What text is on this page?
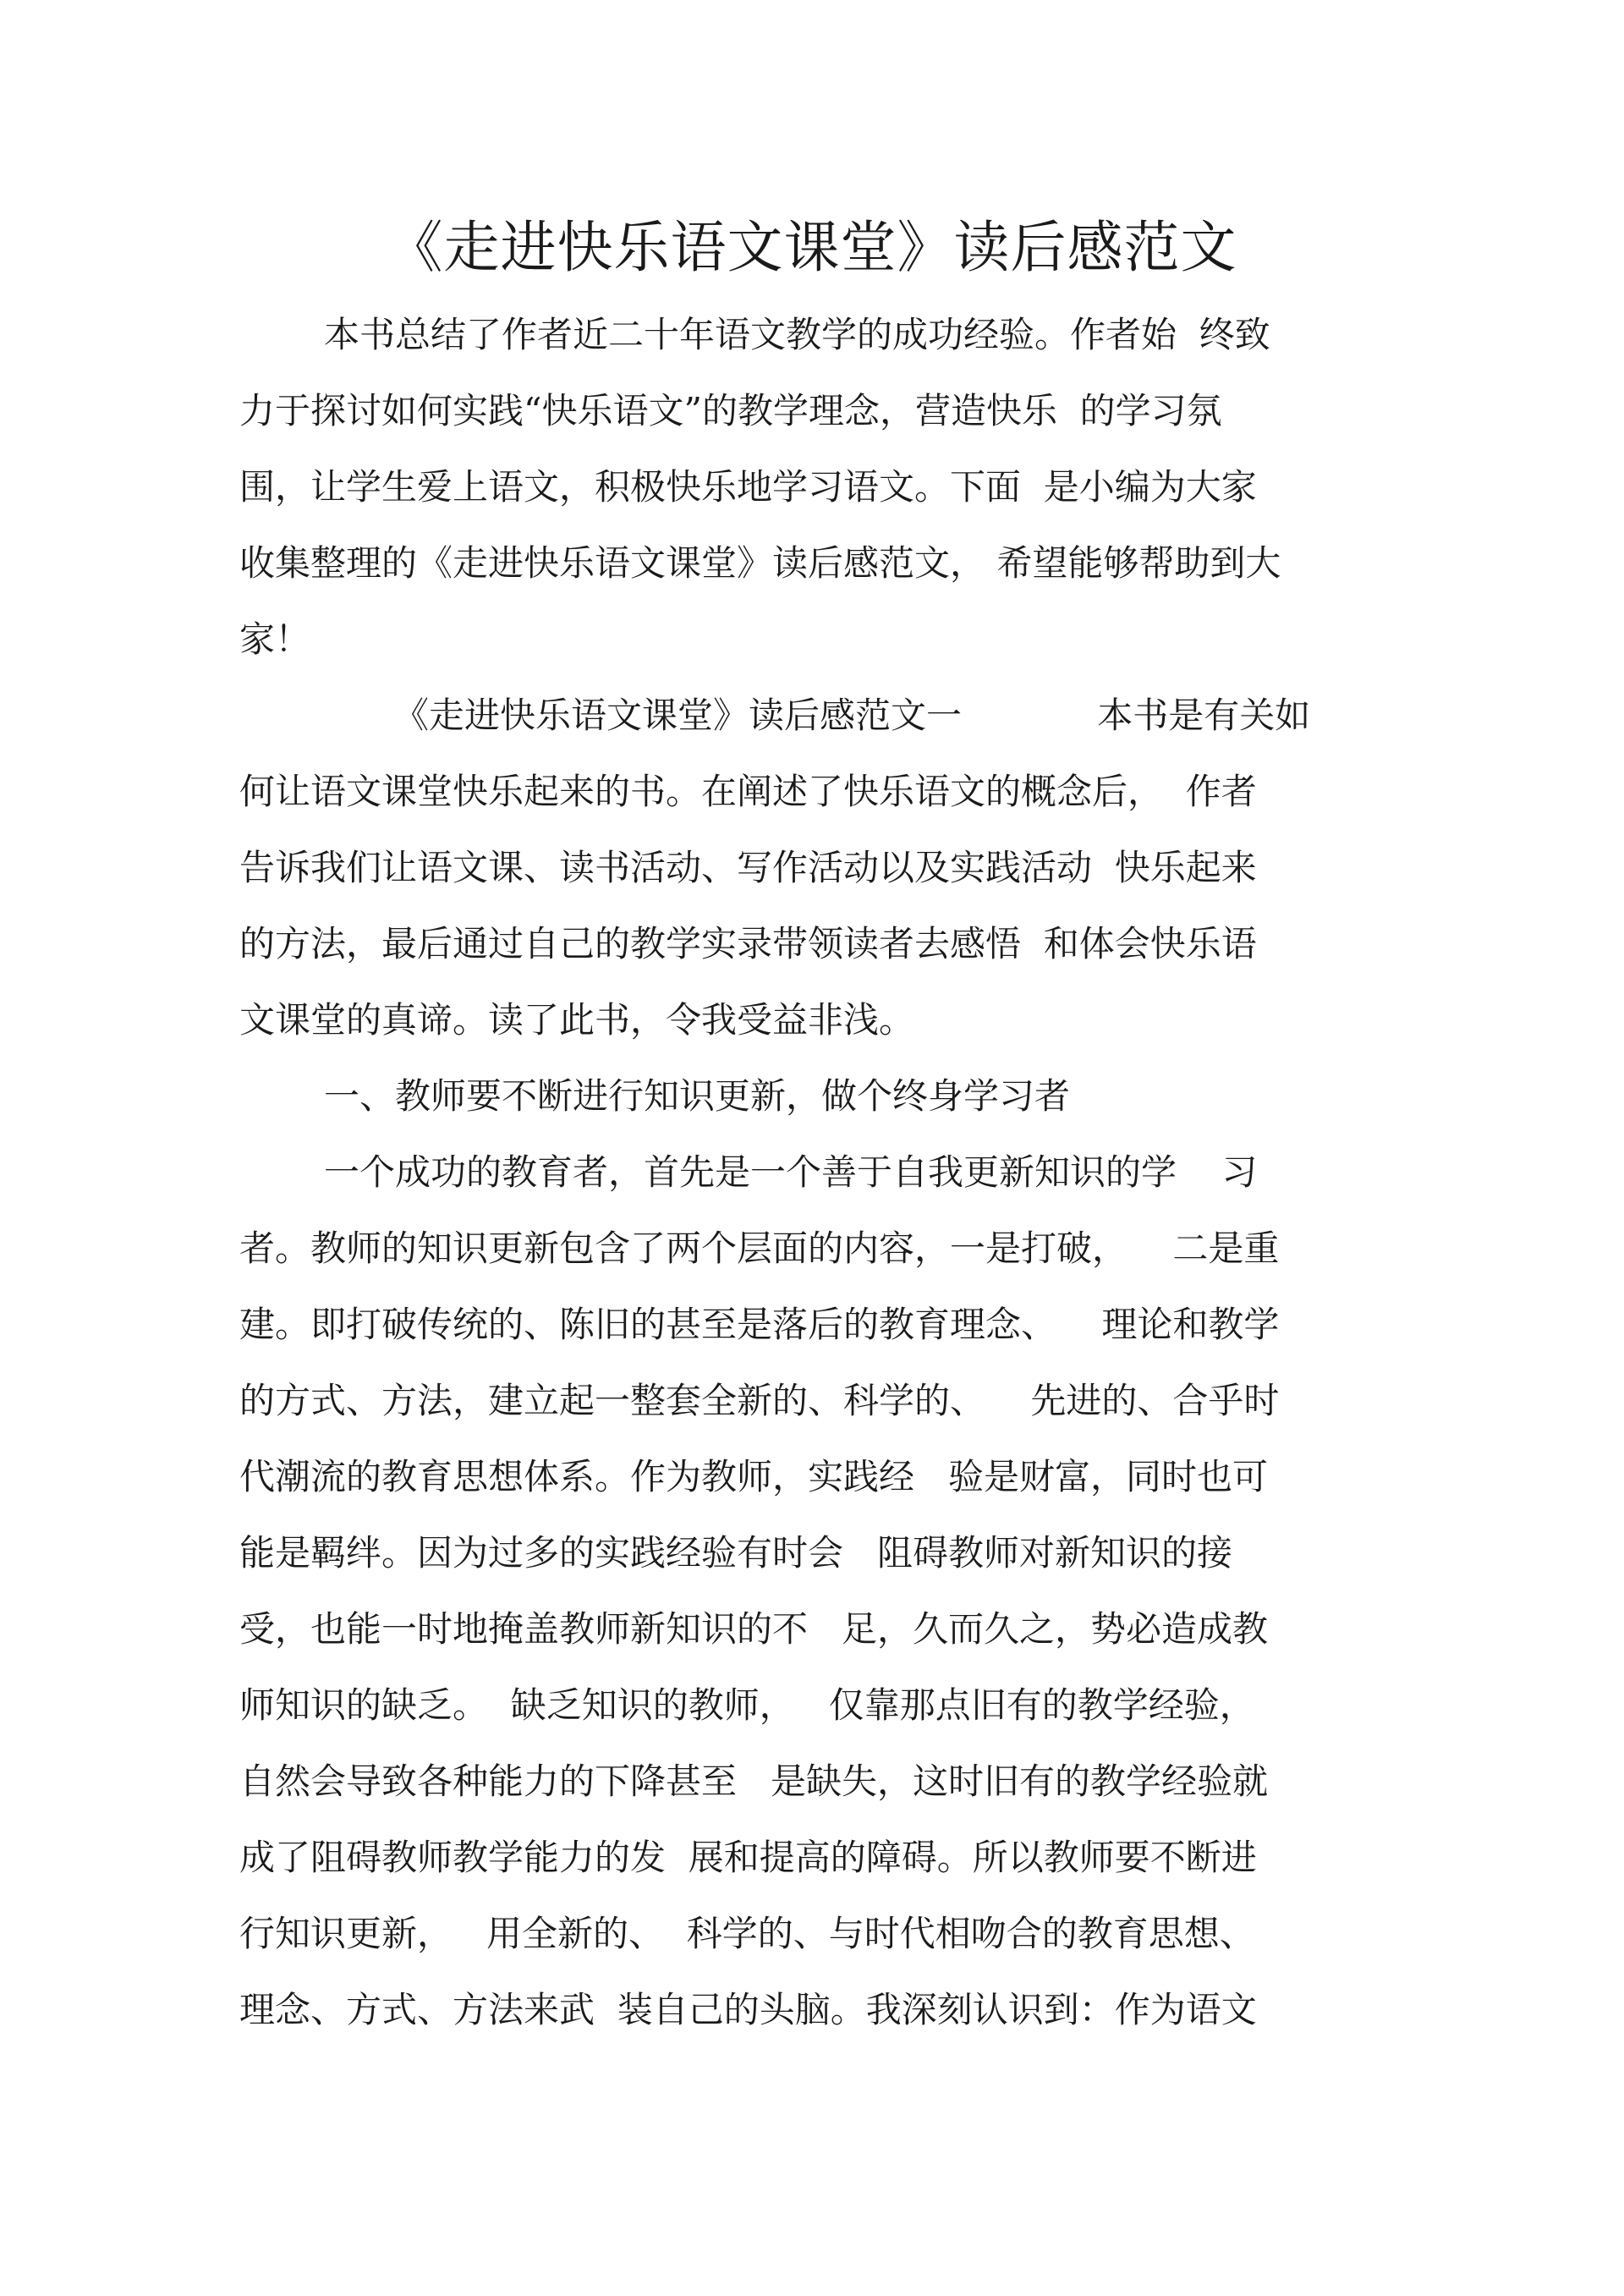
《走进快乐语文课堂》读后感范文

本书总结了作者近二十年语文教学的成功经验。作者始  终致

力于探讨如何实践“快乐语文”的教学理念，营造快乐  的学习氛

围，让学生爱上语文，积极快乐地学习语文。下面  是小编为大家

收集整理的《走进快乐语文课堂》读后感范文， 希望能够帮助到大

家！

《走进快乐语文课堂》读后感范文一            本书是有关如

何让语文课堂快乐起来的书。在阐述了快乐语文的概念后，  作者

告诉我们让语文课、读书活动、写作活动以及实践活动  快乐起来

的方法，最后通过自己的教学实录带领读者去感悟  和体会快乐语

文课堂的真谛。读了此书，令我受益非浅。

一、教师要不断进行知识更新，做个终身学习者

一个成功的教育者，首先是一个善于自我更新知识的学    习

者。教师的知识更新包含了两个层面的内容，一是打破，    二是重

建。即打破传统的、陈旧的甚至是落后的教育理念、    理论和教学

的方式、方法，建立起一整套全新的、科学的、    先进的、合乎时

代潮流的教育思想体系。作为教师，实践经   验是财富，同时也可

能是羁绊。因为过多的实践经验有时会   阻碍教师对新知识的接

受，也能一时地掩盖教师新知识的不   足，久而久之，势必造成教

师知识的缺乏。  缺乏知识的教师，   仅靠那点旧有的教学经验，

自然会导致各种能力的下降甚至   是缺失，这时旧有的教学经验就

成了阻碍教师教学能力的发  展和提高的障碍。所以教师要不断进

行知识更新，   用全新的、  科学的、与时代相吻合的教育思想、

理念、方式、方法来武  装自己的头脑。我深刻认识到：作为语文
